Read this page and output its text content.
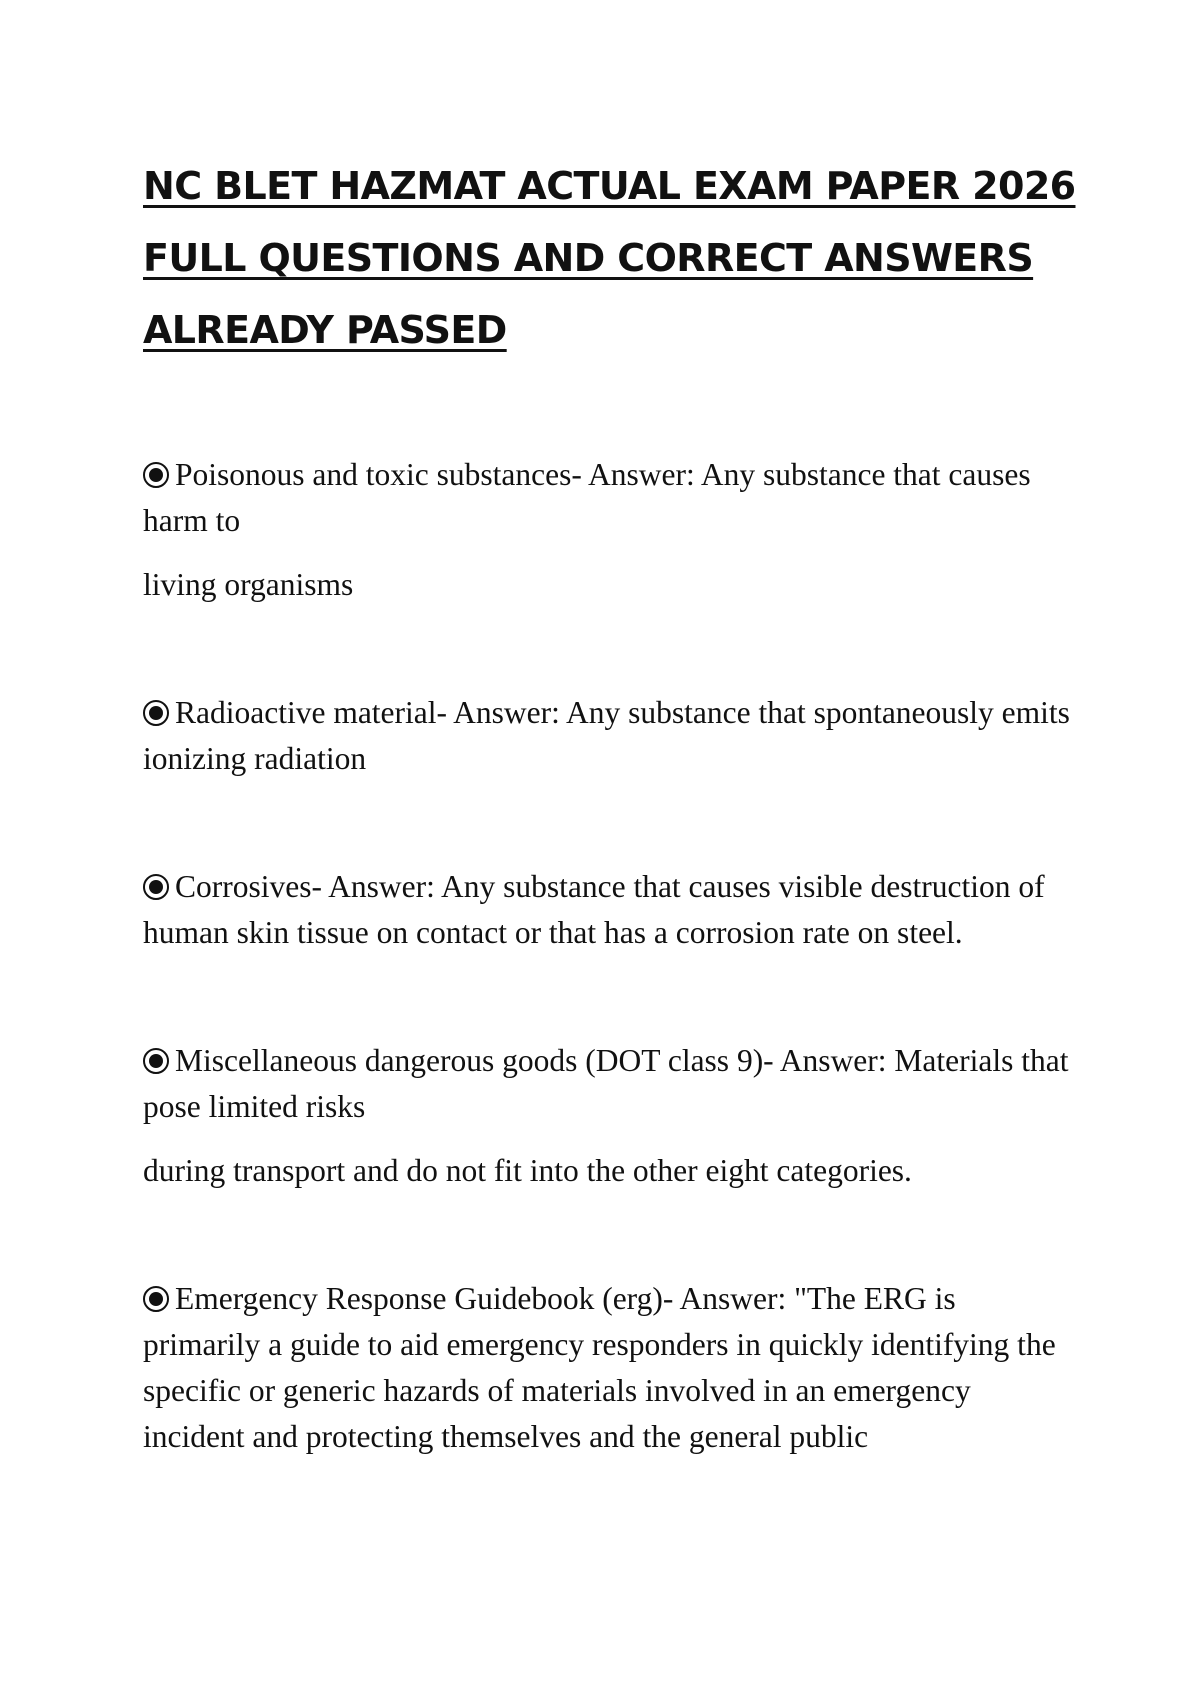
NC BLET HAZMAT ACTUAL EXAM PAPER 2026
FULL QUESTIONS AND CORRECT ANSWERS
ALREADY PASSED

Poisonous and toxic substances- Answer: Any substance that causes harm to

living organisms

Radioactive material- Answer: Any substance that spontaneously emits ionizing radiation

Corrosives- Answer: Any substance that causes visible destruction of human skin tissue on contact or that has a corrosion rate on steel.

Miscellaneous dangerous goods (DOT class 9)- Answer: Materials that pose limited risks

during transport and do not fit into the other eight categories.

Emergency Response Guidebook (erg)- Answer: "The ERG is primarily a guide to aid emergency responders in quickly identifying the specific or generic hazards of materials involved in an emergency incident and protecting themselves and the general public
